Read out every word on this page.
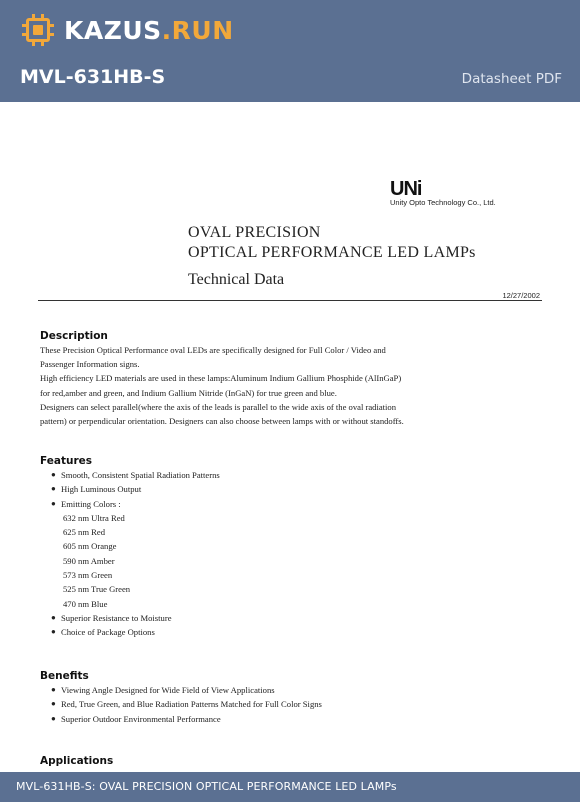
KAZUS.RUN
MVL-631HB-S	Datasheet PDF
UNi
Unity Opto Technology Co., Ltd.
OVAL PRECISION
OPTICAL PERFORMANCE LED LAMPs
Technical Data
12/27/2002
Description
These Precision Optical Performance oval LEDs are specifically designed for Full Color / Video and
Passenger Information signs.
High efficiency LED materials are used in these lamps:Aluminum Indium Gallium Phosphide (AlInGaP)
for red,amber and green, and Indium Gallium Nitride (InGaN) for true green and blue.
Designers can select parallel(where the axis of the leads is parallel to the wide axis of the oval radiation
pattern) or perpendicular orientation. Designers can also choose between lamps with or without standoffs.
Features
● Smooth, Consistent Spatial Radiation Patterns
● High Luminous Output
● Emitting Colors :
632 nm Ultra Red
625 nm Red
605 nm Orange
590 nm Amber
573 nm Green
525 nm True Green
470 nm Blue
● Superior Resistance to Moisture
● Choice of Package Options
Benefits
● Viewing Angle Designed for Wide Field of View Applications
● Red, True Green, and Blue Radiation Patterns Matched for Full Color Signs
● Superior Outdoor Environmental Performance
Applications
MVL-631HB-S: OVAL PRECISION OPTICAL PERFORMANCE LED LAMPs
